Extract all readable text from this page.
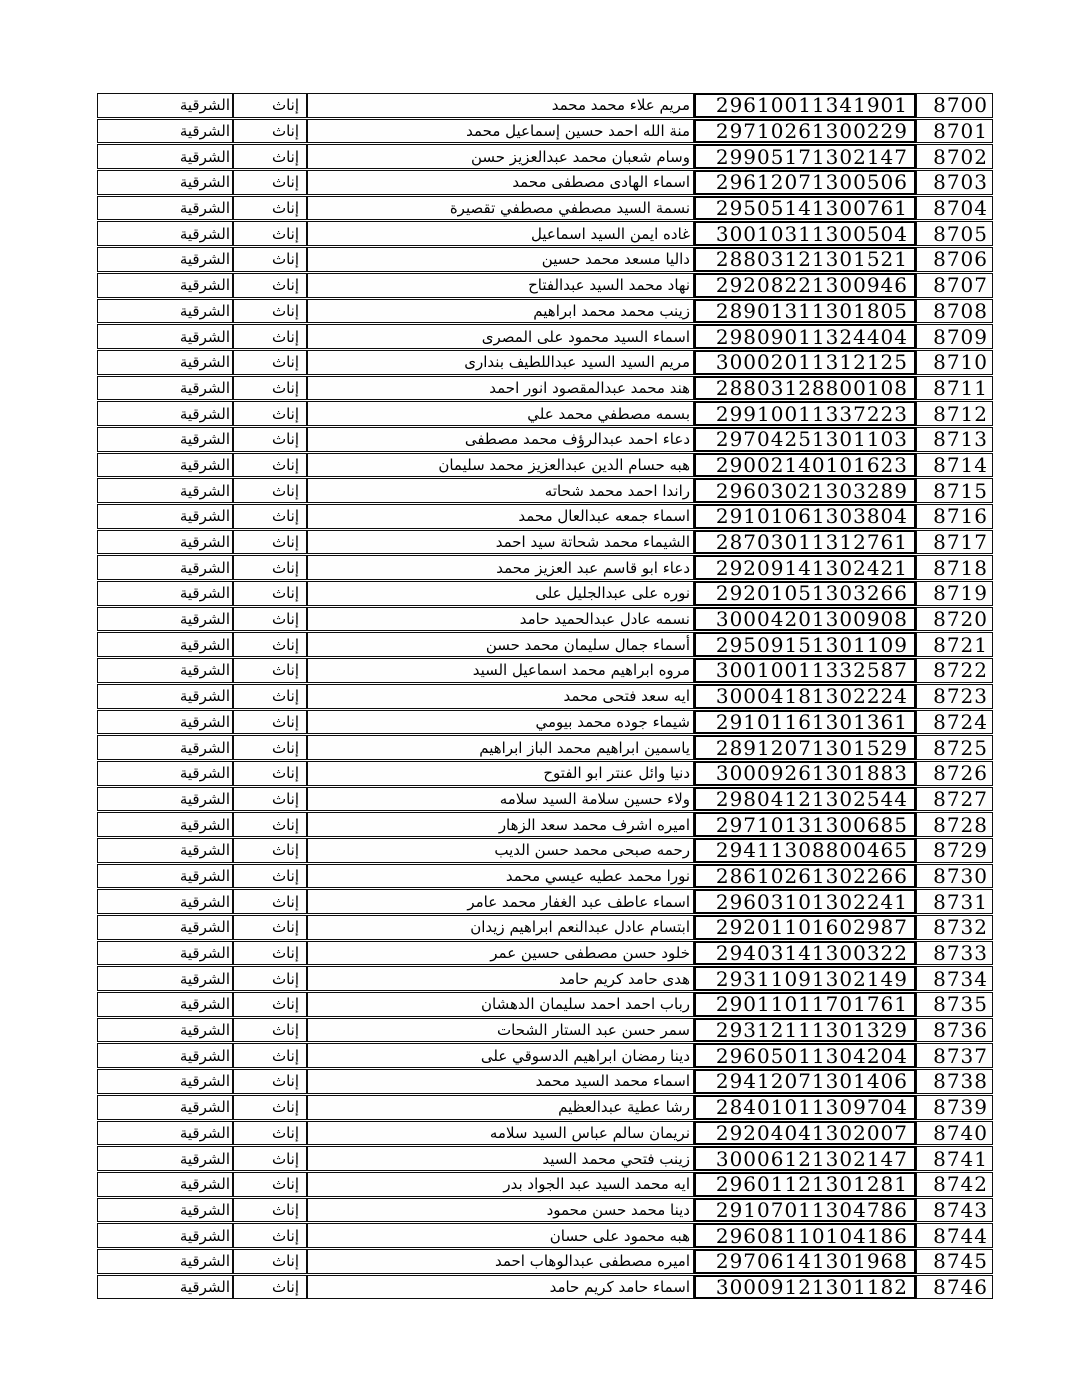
8700
29610011341901
مريم علاء محمد محمد
إناث
الشرقية
8701
29710261300229
منة الله احمد حسين إسماعيل محمد
إناث
الشرقية
8702
29905171302147
وسام شعبان محمد عبدالعزيز حسن
إناث
الشرقية
8703
29612071300506
اسماء الهادى مصطفى محمد
إناث
الشرقية
8704
29505141300761
نسمة السيد مصطفي مصطفي تقصيرة
إناث
الشرقية
8705
30010311300504
غاده ايمن السيد اسماعيل
إناث
الشرقية
8706
28803121301521
داليا مسعد محمد حسين
إناث
الشرقية
8707
29208221300946
نهاد محمد السيد عبدالفتاح
إناث
الشرقية
8708
28901311301805
زينب محمد محمد ابراهيم
إناث
الشرقية
8709
29809011324404
اسماء السيد محمود على المصرى
إناث
الشرقية
8710
30002011312125
مريم السيد السيد عبداللطيف بندارى
إناث
الشرقية
8711
28803128800108
هند محمد عبدالمقصود انور احمد
إناث
الشرقية
8712
29910011337223
بسمه مصطفي محمد علي
إناث
الشرقية
8713
29704251301103
دعاء احمد عبدالرؤف محمد مصطفى
إناث
الشرقية
8714
29002140101623
هبه حسام الدين عبدالعزيز محمد سليمان
إناث
الشرقية
8715
29603021303289
راندا احمد محمد شحاته
إناث
الشرقية
8716
29101061303804
اسماء جمعه عبدالعال محمد
إناث
الشرقية
8717
28703011312761
الشيماء محمد شحاتة سيد احمد
إناث
الشرقية
8718
29209141302421
دعاء ابو قاسم عبد العزيز محمد
إناث
الشرقية
8719
29201051303266
نوره على عبدالجليل على
إناث
الشرقية
8720
30004201300908
نسمه عادل عبدالحميد حامد
إناث
الشرقية
8721
29509151301109
أسماء جمال سليمان محمد حسن
إناث
الشرقية
8722
30010011332587
مروه ابراهيم محمد اسماعيل السيد
إناث
الشرقية
8723
30004181302224
ايه سعد فتحى محمد
إناث
الشرقية
8724
29101161301361
شيماء جوده محمد بيومي
إناث
الشرقية
8725
28912071301529
ياسمين ابراهيم محمد الباز ابراهيم
إناث
الشرقية
8726
30009261301883
دنيا وائل عنتر ابو الفتوح
إناث
الشرقية
8727
29804121302544
ولاء حسين سلامة السيد سلامه
إناث
الشرقية
8728
29710131300685
اميره اشرف محمد سعد الزهار
إناث
الشرقية
8729
29411308800465
رحمه صبحى محمد حسن الديب
إناث
الشرقية
8730
28610261302266
نورا محمد عطيه عيسي محمد
إناث
الشرقية
8731
29603101302241
اسماء عاطف عبد الغفار محمد عامر
إناث
الشرقية
8732
29201101602987
ابتسام عادل عبدالنعم ابراهيم زيدان
إناث
الشرقية
8733
29403141300322
خلود حسن مصطفى حسين عمر
إناث
الشرقية
8734
29311091302149
هدى حامد كريم حامد
إناث
الشرقية
8735
29011011701761
رباب احمد احمد سليمان الدهشان
إناث
الشرقية
8736
29312111301329
سمر حسن عبد الستار الشحات
إناث
الشرقية
8737
29605011304204
دينا رمضان ابراهيم الدسوقي على
إناث
الشرقية
8738
29412071301406
اسماء محمد السيد محمد
إناث
الشرقية
8739
28401011309704
رشا عطية عبدالعظيم
إناث
الشرقية
8740
29204041302007
نريمان سالم عباس السيد سلامه
إناث
الشرقية
8741
30006121302147
زينب فتحي محمد السيد
إناث
الشرقية
8742
29601121301281
ايه محمد السيد عبد الجواد بدر
إناث
الشرقية
8743
29107011304786
دينا محمد حسن محمود
إناث
الشرقية
8744
29608110104186
هبه محمود على حسان
إناث
الشرقية
8745
29706141301968
اميره مصطفى عبدالوهاب احمد
إناث
الشرقية
8746
30009121301182
اسماء حامد كريم حامد
إناث
الشرقية
